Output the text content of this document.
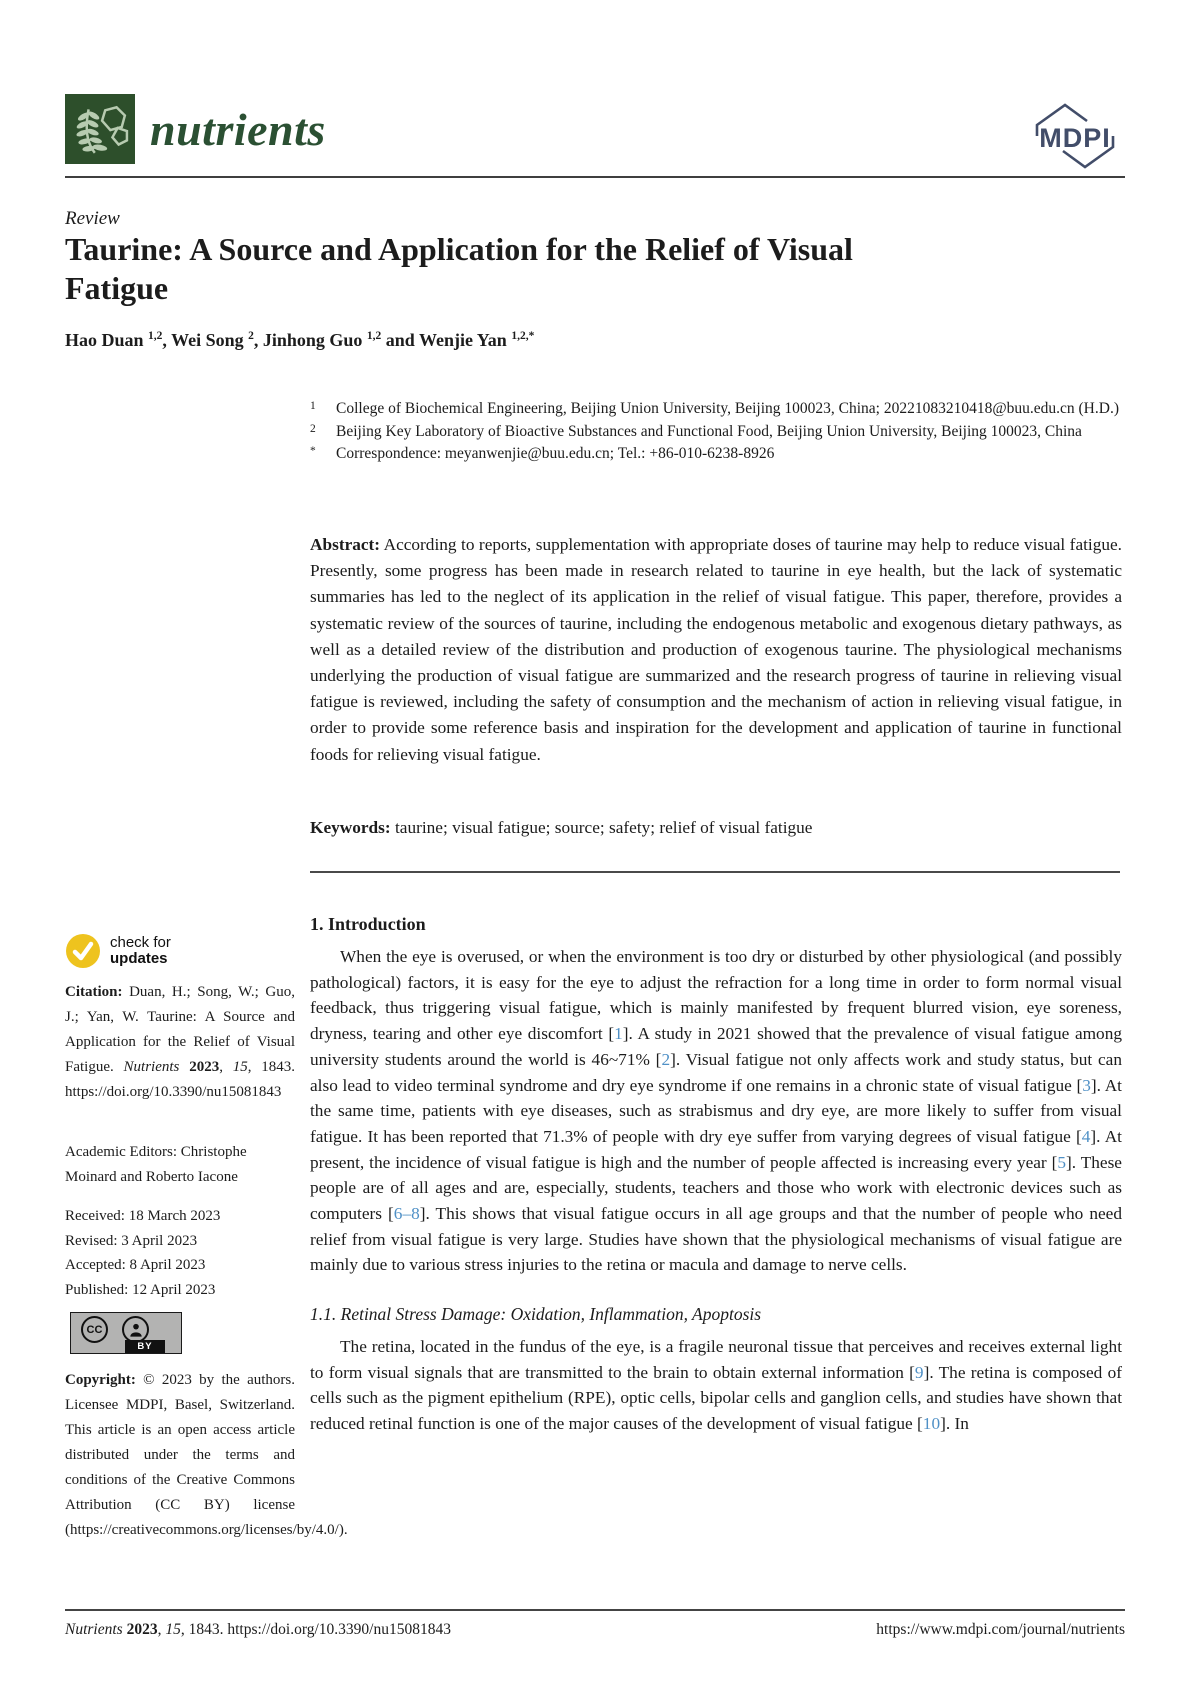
nutrients	MDPI
Review
Taurine: A Source and Application for the Relief of Visual Fatigue
Hao Duan $^{1,2}$, Wei Song $^2$, Jinhong Guo $^{1,2}$ and Wenjie Yan $^{1,2,*}$
1	College of Biochemical Engineering, Beijing Union University, Beijing 100023, China; 20221083210418@buu.edu.cn (H.D.)
2	Beijing Key Laboratory of Bioactive Substances and Functional Food, Beijing Union University, Beijing 100023, China
*	Correspondence: meyanwenjie@buu.edu.cn; Tel.: +86-010-6238-8926

Abstract: According to reports, supplementation with appropriate doses of taurine may help to reduce visual fatigue. Presently, some progress has been made in research related to taurine in eye health, but the lack of systematic summaries has led to the neglect of its application in the relief of visual fatigue. This paper, therefore, provides a systematic review of the sources of taurine, including the endogenous metabolic and exogenous dietary pathways, as well as a detailed review of the distribution and production of exogenous taurine. The physiological mechanisms underlying the production of visual fatigue are summarized and the research progress of taurine in relieving visual fatigue is reviewed, including the safety of consumption and the mechanism of action in relieving visual fatigue, in order to provide some reference basis and inspiration for the development and application of taurine in functional foods for relieving visual fatigue.

Keywords: taurine; visual fatigue; source; safety; relief of visual fatigue

1. Introduction

When the eye is overused, or when the environment is too dry or disturbed by other physiological (and possibly pathological) factors, it is easy for the eye to adjust the refraction for a long time in order to form normal visual feedback, thus triggering visual fatigue, which is mainly manifested by frequent blurred vision, eye soreness, dryness, tearing and other eye discomfort [1]. A study in 2021 showed that the prevalence of visual fatigue among university students around the world is 46~71% [2]. Visual fatigue not only affects work and study status, but can also lead to video terminal syndrome and dry eye syndrome if one remains in a chronic state of visual fatigue [3]. At the same time, patients with eye diseases, such as strabismus and dry eye, are more likely to suffer from visual fatigue. It has been reported that 71.3% of people with dry eye suffer from varying degrees of visual fatigue [4]. At present, the incidence of visual fatigue is high and the number of people affected is increasing every year [5]. These people are of all ages and are, especially, students, teachers and those who work with electronic devices such as computers [6–8]. This shows that visual fatigue occurs in all age groups and that the number of people who need relief from visual fatigue is very large. Studies have shown that the physiological mechanisms of visual fatigue are mainly due to various stress injuries to the retina or macula and damage to nerve cells.

1.1. Retinal Stress Damage: Oxidation, Inflammation, Apoptosis

The retina, located in the fundus of the eye, is a fragile neuronal tissue that perceives and receives external light to form visual signals that are transmitted to the brain to obtain external information [9]. The retina is composed of cells such as the pigment epithelium (RPE), optic cells, bipolar cells and ganglion cells, and studies have shown that reduced retinal function is one of the major causes of the development of visual fatigue [10]. In

check for
updates

Citation: Duan, H.; Song, W.; Guo, J.; Yan, W. Taurine: A Source and Application for the Relief of Visual Fatigue. Nutrients 2023, 15, 1843. https://doi.org/10.3390/nu15081843

Academic Editors: Christophe Moinard and Roberto Iacone

Received: 18 March 2023
Revised: 3 April 2023
Accepted: 8 April 2023
Published: 12 April 2023
CC
BY

Copyright: © 2023 by the authors. Licensee MDPI, Basel, Switzerland. This article is an open access article distributed under the terms and conditions of the Creative Commons Attribution (CC BY) license (https://creativecommons.org/licenses/by/4.0/).

Nutrients 2023, 15, 1843. https://doi.org/10.3390/nu15081843	https://www.mdpi.com/journal/nutrients
